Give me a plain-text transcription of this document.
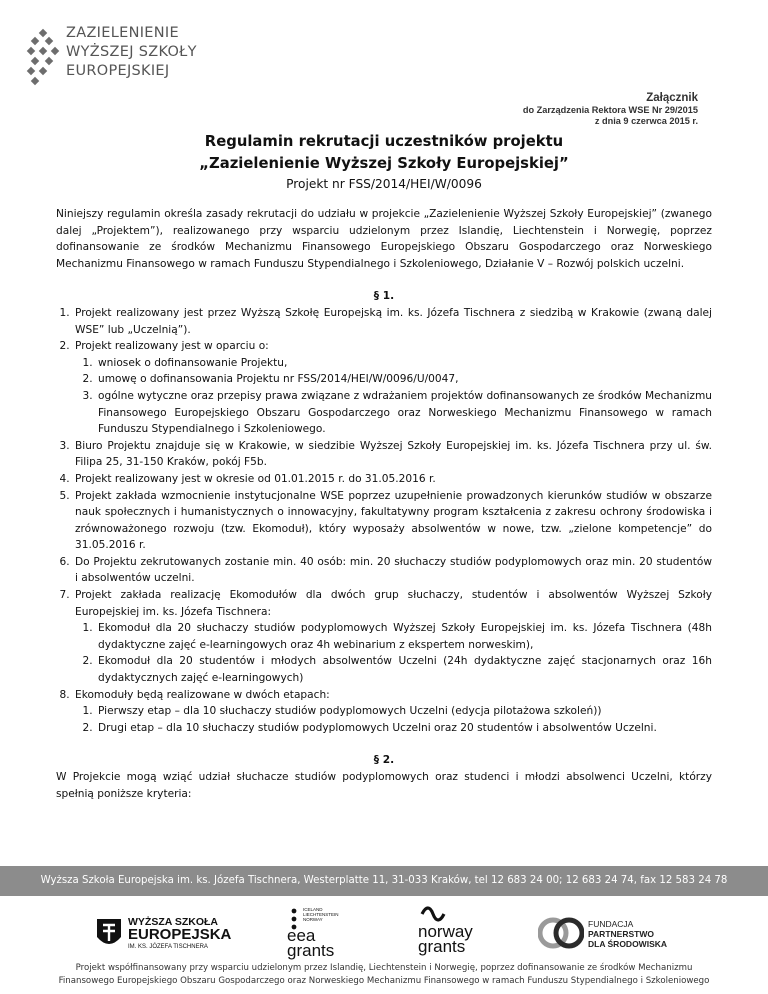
ZAZIELENIENIE
WYŻSZEJ SZKOŁY
EUROPEJSKIEJ
Załącznik
do Zarządzenia Rektora WSE Nr 29/2015
z dnia 9 czerwca 2015 r.
Regulamin rekrutacji uczestników projektu
„Zazielenienie Wyższej Szkoły Europejskiej”
Projekt nr FSS/2014/HEI/W/0096

Niniejszy regulamin określa zasady rekrutacji do udziału w projekcie „Zazielenienie Wyższej Szkoły Europejskiej” (zwanego dalej „Projektem”), realizowanego przy wsparciu udzielonym przez Islandię, Liechtenstein i Norwegię, poprzez dofinansowanie ze środków Mechanizmu Finansowego Europejskiego Obszaru Gospodarczego oraz Norweskiego Mechanizmu Finansowego w ramach Funduszu Stypendialnego i Szkoleniowego, Działanie V – Rozwój polskich uczelni.

§ 1.

1. Projekt realizowany jest przez Wyższą Szkołę Europejską im. ks. Józefa Tischnera z siedzibą w Krakowie (zwaną dalej WSE” lub „Uczelnią”).
2. Projekt realizowany jest w oparciu o:
1. wniosek o dofinansowanie Projektu,
2. umowę o dofinansowania Projektu nr FSS/2014/HEI/W/0096/U/0047,
3. ogólne wytyczne oraz przepisy prawa związane z wdrażaniem projektów dofinansowanych ze środków Mechanizmu Finansowego Europejskiego Obszaru Gospodarczego oraz Norweskiego Mechanizmu Finansowego w ramach Funduszu Stypendialnego i Szkoleniowego.
3. Biuro Projektu znajduje się w Krakowie, w siedzibie Wyższej Szkoły Europejskiej im. ks. Józefa Tischnera przy ul. św. Filipa 25, 31-150 Kraków, pokój F5b.
4. Projekt realizowany jest w okresie od 01.01.2015 r. do 31.05.2016 r.
5. Projekt zakłada wzmocnienie instytucjonalne WSE poprzez uzupełnienie prowadzonych kierunków studiów w obszarze nauk społecznych i humanistycznych o innowacyjny, fakultatywny program kształcenia z zakresu ochrony środowiska i zrównoważonego rozwoju (tzw. Ekomoduł), który wyposaży absolwentów w nowe, tzw. „zielone kompetencje” do 31.05.2016 r.
6. Do Projektu zekrutowanych zostanie min. 40 osób: min. 20 słuchaczy studiów podyplomowych oraz min. 20 studentów i absolwentów uczelni.
7. Projekt zakłada realizację Ekomodułów dla dwóch grup słuchaczy, studentów i absolwentów Wyższej Szkoły Europejskiej im. ks. Józefa Tischnera:
1. Ekomoduł dla 20 słuchaczy studiów podyplomowych Wyższej Szkoły Europejskiej im. ks. Józefa Tischnera (48h dydaktyczne zajęć e-learningowych oraz 4h webinarium z ekspertem norweskim),
2. Ekomoduł dla 20 studentów i młodych absolwentów Uczelni (24h dydaktyczne zajęć stacjonarnych oraz 16h dydaktycznych zajęć e-learningowych)
8. Ekomoduły będą realizowane w dwóch etapach:
1. Pierwszy etap – dla 10 słuchaczy studiów podyplomowych Uczelni (edycja pilotażowa szkoleń))
2. Drugi etap – dla 10 słuchaczy studiów podyplomowych Uczelni oraz 20 studentów i absolwentów Uczelni.

§ 2.

W Projekcie mogą wziąć udział słuchacze studiów podyplomowych oraz studenci i młodzi absolwenci Uczelni, którzy spełnią poniższe kryteria:

Wyższa Szkoła Europejska im. ks. Józefa Tischnera, Westerplatte 11, 31-033 Kraków, tel 12 683 24 00; 12 683 24 74, fax 12 583 24 78
WYŻSZA SZKOŁA
EUROPEJSKA
IM. KS. JÓZEFA TISCHNERA
ICELAND
LIECHTENSTEIN
NORWAY
eea
grants
norway
grants
FUNDACJA
PARTNERSTWO
DLA ŚRODOWISKA
Projekt współfinansowany przy wsparciu udzielonym przez Islandię, Liechtenstein i Norwegię, poprzez dofinansowanie ze środków Mechanizmu
Finansowego Europejskiego Obszaru Gospodarczego oraz Norweskiego Mechanizmu Finansowego w ramach Funduszu Stypendialnego i Szkoleniowego
